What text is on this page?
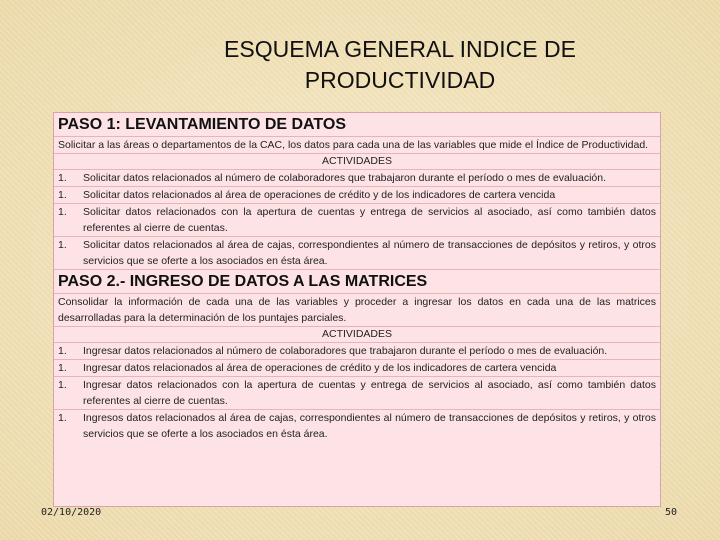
ESQUEMA GENERAL INDICE DE
PRODUCTIVIDAD
PASO 1: LEVANTAMIENTO DE DATOS
Solicitar a las áreas o departamentos de la CAC, los datos para cada una de las variables que mide el Índice de Productividad.
ACTIVIDADES
1.	Solicitar datos relacionados al número de colaboradores que trabajaron durante el período o mes de evaluación.
1.	Solicitar datos relacionados al área de operaciones de crédito y de los indicadores de cartera vencida
1.	Solicitar datos relacionados con la apertura de cuentas y entrega de servicios al asociado, así como también datos referentes al cierre de cuentas.
1.	Solicitar datos relacionados al área de cajas, correspondientes al número de transacciones de depósitos y retiros, y otros servicios que se oferte a los asociados en ésta área.
PASO 2.- INGRESO DE DATOS A LAS MATRICES
Consolidar la información de cada una de las variables y proceder a ingresar los datos en cada una de las matrices desarrolladas para la determinación de los puntajes parciales.
ACTIVIDADES
1.	Ingresar datos relacionados al número de colaboradores que trabajaron durante el período o mes de evaluación.
1.	Ingresar datos relacionados al área de operaciones de crédito y de los indicadores de cartera vencida
1.	Ingresar datos relacionados con la apertura de cuentas y entrega de servicios al asociado, así como también datos referentes al cierre de cuentas.
1.	Ingresos datos relacionados al área de cajas, correspondientes al número de transacciones de depósitos y retiros, y otros servicios que se oferte a los asociados en ésta área.
02/10/2020	50
